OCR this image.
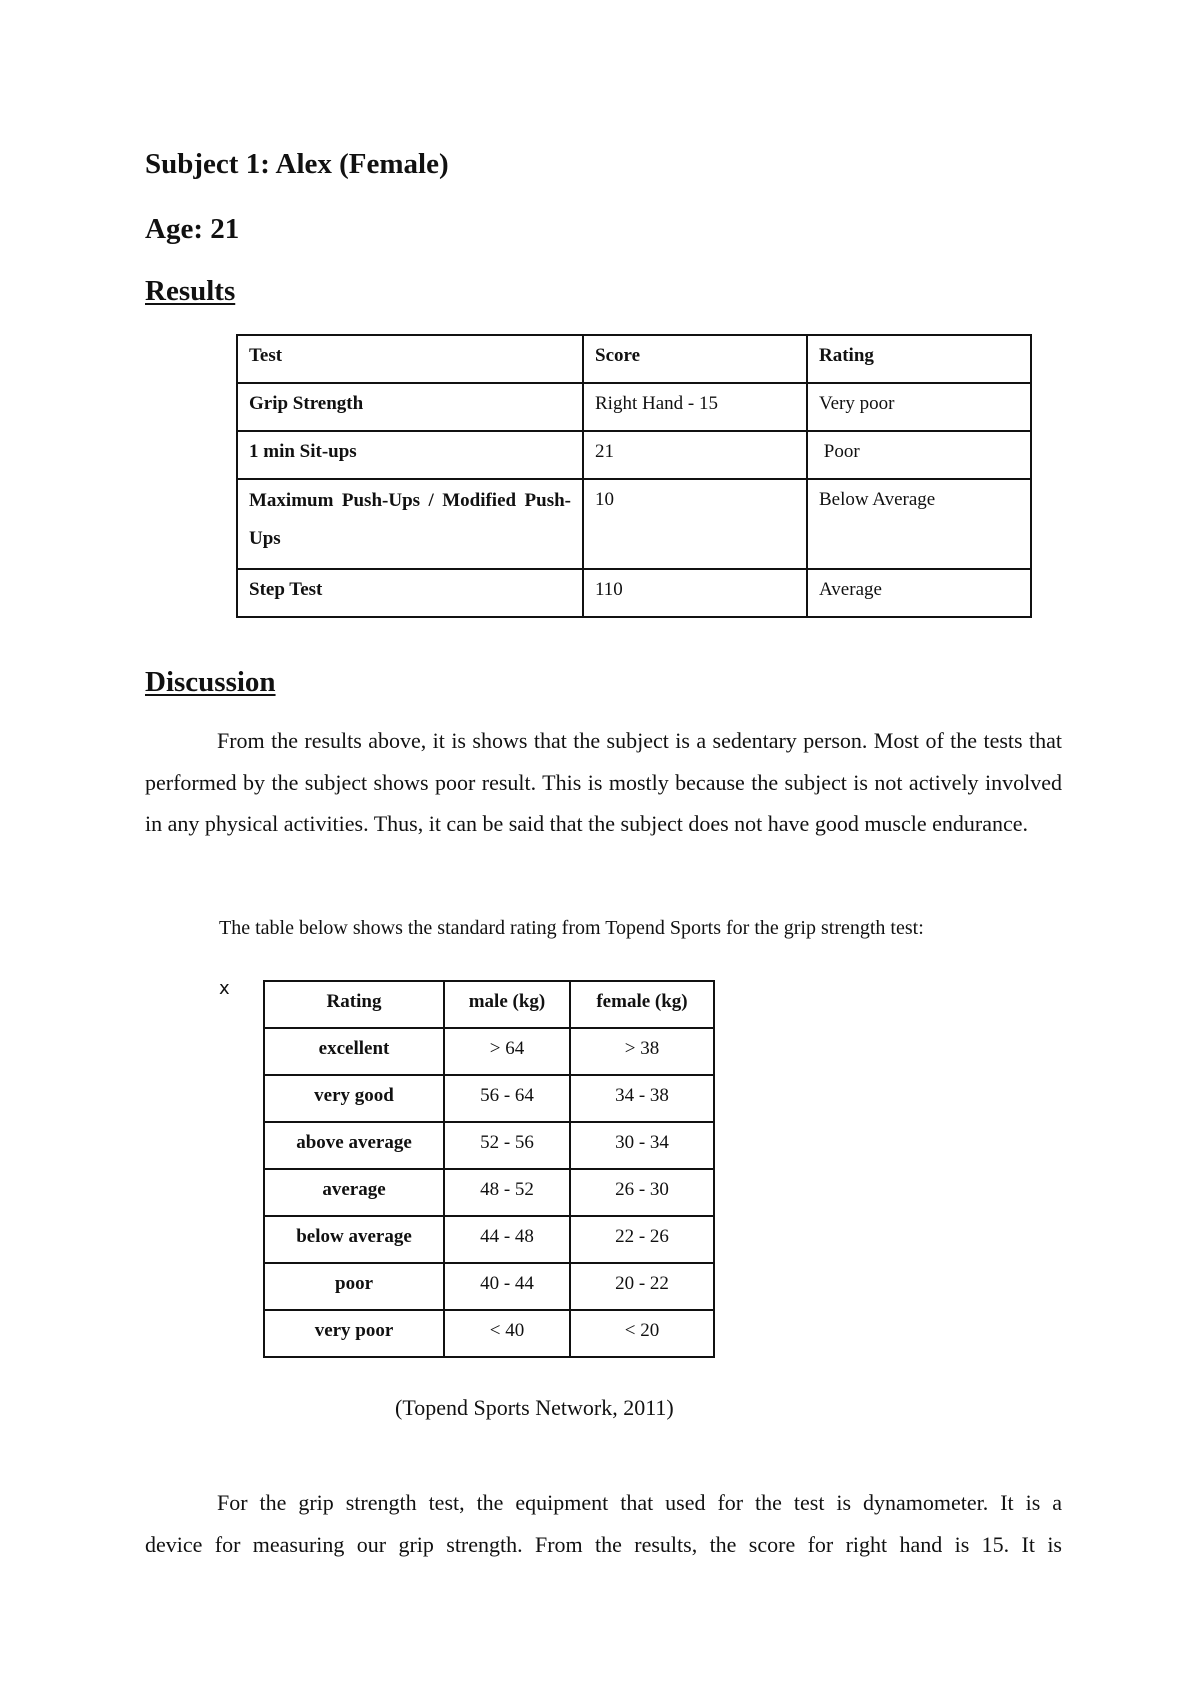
Subject 1: Alex (Female)
Age: 21
Results
Test	Score	Rating
Grip Strength	Right Hand - 15	Very poor
1 min Sit-ups	21	Poor

Maximum Push-Ups / Modified Push-Ups	10	Below Average
Step Test	110	Average
Discussion
From the results above, it is shows that the subject is a sedentary person. Most of the tests that performed by the subject shows poor result. This is mostly because the subject is not actively involved in any physical activities. Thus, it can be said that the subject does not have good muscle endurance.
The table below shows the standard rating from Topend Sports for the grip strength test:
x
Rating	male (kg)	female (kg)
excellent	> 64	> 38
very good	56 - 64	34 - 38
above average	52 - 56	30 - 34
average	48 - 52	26 - 30
below average	44 - 48	22 - 26
poor	40 - 44	20 - 22
very poor	< 40	< 20
(Topend Sports Network, 2011)
For the grip strength test, the equipment that used for the test is dynamometer. It is a
device for measuring our grip strength. From the results, the score for right hand is 15. It is
